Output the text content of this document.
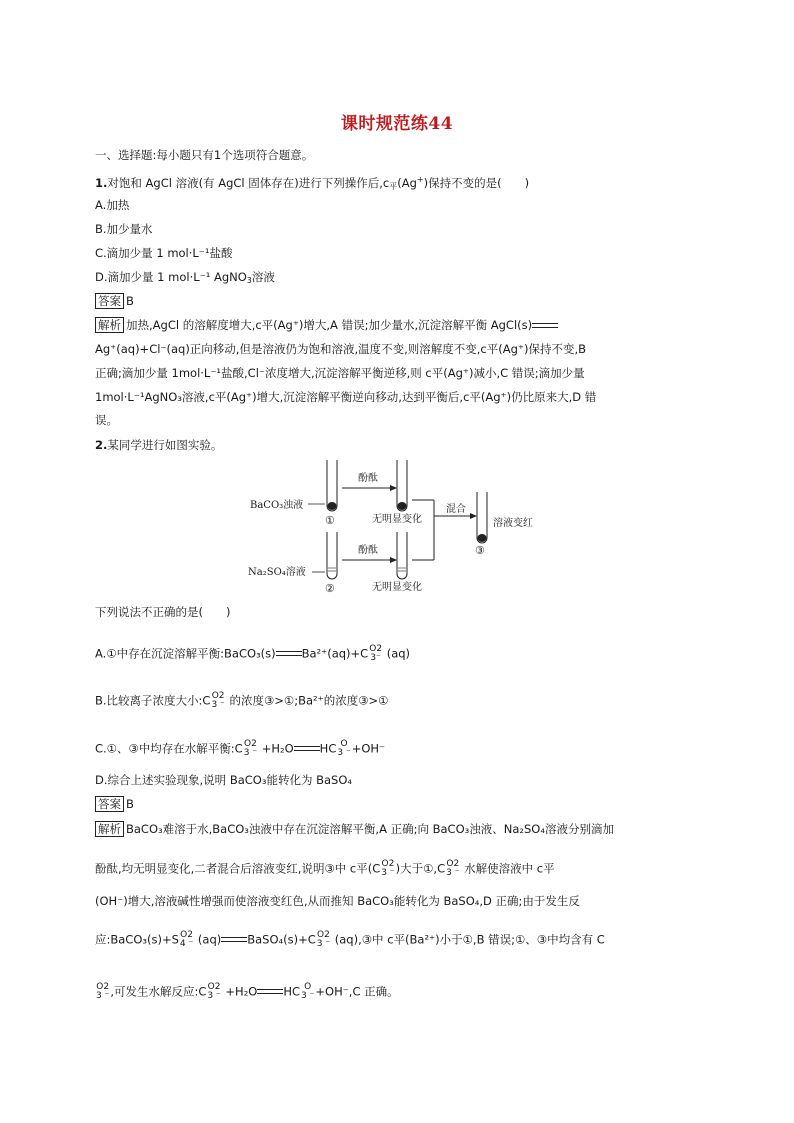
课时规范练44
一、选择题:每小题只有1个选项符合题意。
1.对饱和 AgCl 溶液(有 AgCl 固体存在)进行下列操作后,c平(Ag+)保持不变的是(　　)
A.加热
B.加少量水
C.滴加少量 1 mol·L⁻¹盐酸
D.滴加少量 1 mol·L⁻¹ AgNO$_3$溶液
答案 B
解析 加热,AgCl 的溶解度增大,c平(Ag⁺)增大,A 错误;加少量水,沉淀溶解平衡 AgCl(s)
Ag⁺(aq)+Cl⁻(aq)正向移动,但是溶液仍为饱和溶液,温度不变,则溶解度不变,c平(Ag⁺)保持不变,B
正确;滴加少量 1mol·L⁻¹盐酸,Cl⁻浓度增大,沉淀溶解平衡逆移,则 c平(Ag⁺)减小,C 错误;滴加少量
1mol·L⁻¹AgNO₃溶液,c平(Ag⁺)增大,沉淀溶解平衡逆向移动,达到平衡后,c平(Ag⁺)仍比原来大,D 错
误。
2.某同学进行如图实验。
BaCO₃浊液
Na₂SO₄溶液
酚酞
酚酞
①
②
③
无明显变化
无明显变化
混合
溶液变红
下列说法不正确的是(　　)
A.①中存在沉淀溶解平衡:BaCO₃(s) Ba²⁺(aq)+C O2
3⁻ (aq)
B.比较离子浓度大小:C O2
3 ⁻ 的浓度③>①;Ba²⁺的浓度③>①
C.①、③中均存在水解平衡:C O2
3 ⁻ +H₂O HC O
3 ⁻ +OH⁻
D.综合上述实验现象,说明 BaCO₃能转化为 BaSO₄
答案 B
解析 BaCO₃难溶于水,BaCO₃浊液中存在沉淀溶解平衡,A 正确;向 BaCO₃浊液、Na₂SO₄溶液分别滴加
酚酞,均无明显变化,二者混合后溶液变红,说明③中 c平(C O2
3 ⁻ )大于①,C O2
3 ⁻ 水解使溶液中 c平
(OH⁻)增大,溶液碱性增强而使溶液变红色,从而推知 BaCO₃能转化为 BaSO₄,D 正确;由于发生反
应:BaCO₃(s)+S O2
4 ⁻ (aq) BaSO₄(s)+C O2
3 ⁻ (aq),③中 c平(Ba²⁺)小于①,B 错误;①、③中均含有 C
O2
3 ⁻ ,可发生水解反应:C O2
3 ⁻ +H₂O HC O
3 ⁻ +OH⁻,C 正确。
